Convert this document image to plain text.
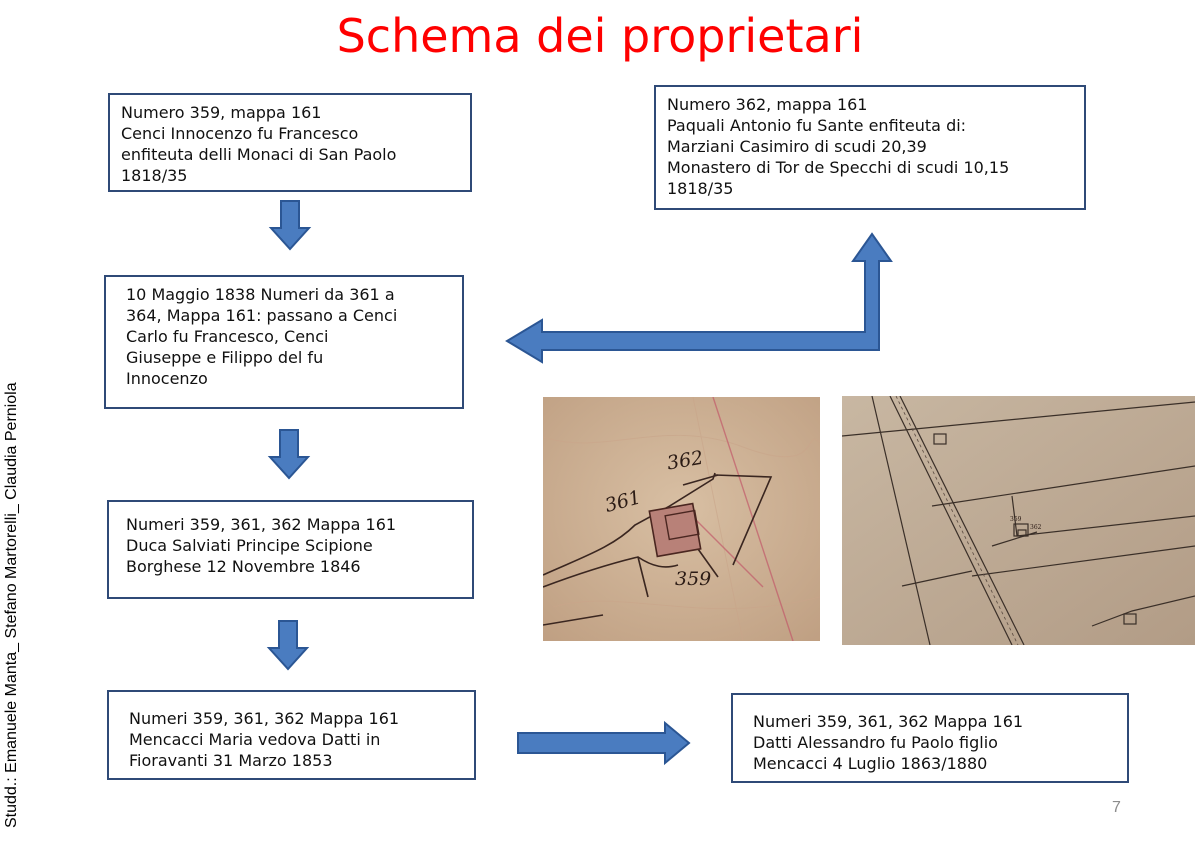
Schema dei proprietari
Studd.: Emanuele Manta_ Stefano Martorelli_ Claudia Perniola
Numero 359, mappa 161
Cenci Innocenzo fu Francesco
enfiteuta delli Monaci di San Paolo
1818/35
Numero 362, mappa 161
Paquali Antonio fu Sante enfiteuta di:
Marziani Casimiro di scudi 20,39
Monastero di Tor de Specchi di scudi 10,15
1818/35
10 Maggio 1838 Numeri da 361 a
364, Mappa 161: passano a Cenci
Carlo fu Francesco, Cenci
Giuseppe e Filippo del fu
Innocenzo
Numeri 359, 361, 362 Mappa 161
Duca Salviati Principe Scipione
Borghese 12 Novembre 1846
Numeri 359, 361, 362 Mappa 161
Mencacci Maria vedova Datti in
Fioravanti 31 Marzo 1853
Numeri 359, 361, 362 Mappa 161
Datti Alessandro fu Paolo figlio
Mencacci 4 Luglio 1863/1880
361
362
359
359
362
7
